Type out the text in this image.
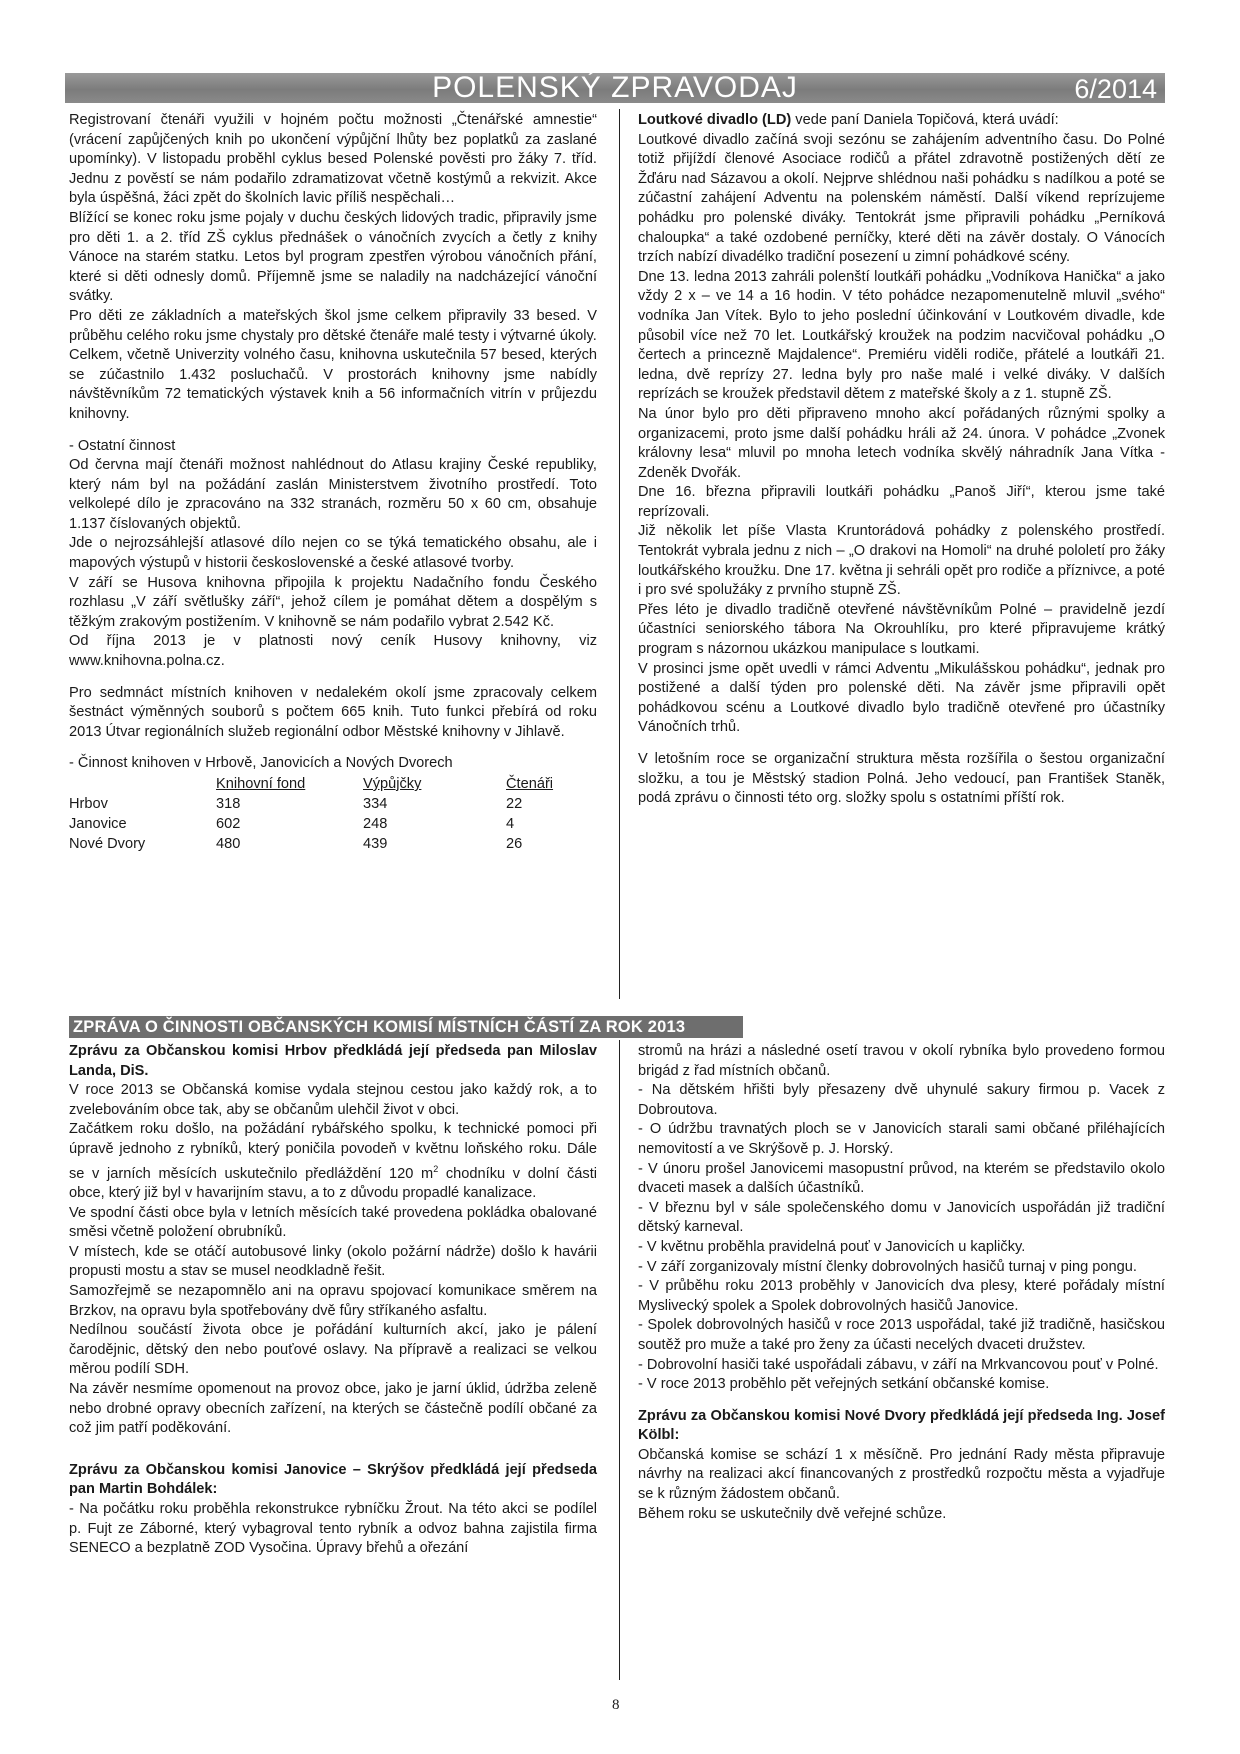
POLENSKÝ ZPRAVODAJ	6/2014

Registrovaní čtenáři využili v hojném počtu možnosti „Čtenářské amnestie“ (vrácení zapůjčených knih po ukončení výpůjční lhůty bez poplatků za zaslané upomínky). V listopadu proběhl cyklus besed Polenské pověsti pro žáky 7. tříd. Jednu z pověstí se nám podařilo zdramatizovat včetně kostýmů a rekvizit. Akce byla úspěšná, žáci zpět do školních lavic příliš nespěchali…

Blížící se konec roku jsme pojaly v duchu českých lidových tradic, připravily jsme pro děti 1. a 2. tříd ZŠ cyklus přednášek o vánočních zvycích a četly z knihy Vánoce na starém statku. Letos byl program zpestřen výrobou vánočních přání, které si děti odnesly domů. Příjemně jsme se naladily na nadcházející vánoční svátky.

Pro děti ze základních a mateřských škol jsme celkem připravily 33 besed. V průběhu celého roku jsme chystaly pro dětské čtenáře malé testy i výtvarné úkoly.

Celkem, včetně Univerzity volného času, knihovna uskutečnila 57 besed, kterých se zúčastnilo 1.432 posluchačů. V prostorách knihovny jsme nabídly návštěvníkům 72 tematických výstavek knih a 56 informačních vitrín v průjezdu knihovny.

- Ostatní činnost

Od června mají čtenáři možnost nahlédnout do Atlasu krajiny České republiky, který nám byl na požádání zaslán Ministerstvem životního prostředí. Toto velkolepé dílo je zpracováno na 332 stranách, rozměru 50 x 60 cm, obsahuje 1.137 číslovaných objektů.

Jde o nejrozsáhlejší atlasové dílo nejen co se týká tematického obsahu, ale i mapových výstupů v historii československé a české atlasové tvorby.

V září se Husova knihovna připojila k projektu Nadačního fondu Českého rozhlasu „V září světlušky září“, jehož cílem je pomáhat dětem a dospělým s těžkým zrakovým postižením. V knihovně se nám podařilo vybrat 2.542 Kč.

Od října 2013 je v platnosti nový ceník Husovy knihovny, viz www.knihovna.polna.cz.

Pro sedmnáct místních knihoven v nedalekém okolí jsme zpracovaly celkem šestnáct výměnných souborů s počtem 665 knih. Tuto funkci přebírá od roku 2013 Útvar regionálních služeb regionální odbor Městské knihovny v Jihlavě.

- Činnost knihoven v Hrbově, Janovicích a Nových Dvorech

	Knihovní fond	Výpůjčky	Čtenáři
Hrbov	318	334	22
Janovice	602	248	4
Nové Dvory	480	439	26

Loutkové divadlo (LD) vede paní Daniela Topičová, která uvádí:

Loutkové divadlo začíná svoji sezónu se zahájením adventního času. Do Polné totiž přijíždí členové Asociace rodičů a přátel zdravotně postižených dětí ze Žďáru nad Sázavou a okolí. Nejprve shlédnou naši pohádku s nadílkou a poté se zúčastní zahájení Adventu na polenském náměstí. Další víkend reprízujeme pohádku pro polenské diváky. Tentokrát jsme připravili pohádku „Perníková chaloupka“ a také ozdobené perníčky, které děti na závěr dostaly. O Vánocích trzích nabízí divadélko tradiční posezení u zimní pohádkové scény.

Dne 13. ledna 2013 zahráli polenští loutkáři pohádku „Vodníkova Hanička“ a jako vždy 2 x – ve 14 a 16 hodin. V této pohádce nezapomenutelně mluvil „svého“ vodníka Jan Vítek. Bylo to jeho poslední účinkování v Loutkovém divadle, kde působil více než 70 let. Loutkářský kroužek na podzim nacvičoval pohádku „O čertech a princezně Majdalence“. Premiéru viděli rodiče, přátelé a loutkáři 21. ledna, dvě reprízy 27. ledna byly pro naše malé i velké diváky. V dalších reprízách se kroužek představil dětem z mateřské školy a z 1. stupně ZŠ.

Na únor bylo pro děti připraveno mnoho akcí pořádaných různými spolky a organizacemi, proto jsme další pohádku hráli až 24. února. V pohádce „Zvonek královny lesa“ mluvil po mnoha letech vodníka skvělý náhradník Jana Vítka - Zdeněk Dvořák.

Dne 16. března připravili loutkáři pohádku „Panoš Jiří“, kterou jsme také reprízovali.

Již několik let píše Vlasta Kruntorádová pohádky z polenského prostředí. Tentokrát vybrala jednu z nich – „O drakovi na Homoli“ na druhé pololetí pro žáky loutkářského kroužku. Dne 17. května ji sehráli opět pro rodiče a příznivce, a poté i pro své spolužáky z prvního stupně ZŠ.

Přes léto je divadlo tradičně otevřené návštěvníkům Polné – pravidelně jezdí účastníci seniorského tábora Na Okrouhlíku, pro které připravujeme krátký program s názornou ukázkou manipulace s loutkami.

V prosinci jsme opět uvedli v rámci Adventu „Mikulášskou pohádku“, jednak pro postižené a další týden pro polenské děti. Na závěr jsme připravili opět pohádkovou scénu a Loutkové divadlo bylo tradičně otevřené pro účastníky Vánočních trhů.

V letošním roce se organizační struktura města rozšířila o šestou organizační složku, a tou je Městský stadion Polná. Jeho vedoucí, pan František Staněk, podá zprávu o činnosti této org. složky spolu s ostatními příští rok.

ZPRÁVA O ČINNOSTI OBČANSKÝCH KOMISÍ MÍSTNÍCH ČÁSTÍ ZA ROK 2013

Zprávu za Občanskou komisi Hrbov předkládá její předseda pan Miloslav Landa, DiS.

V roce 2013 se Občanská komise vydala stejnou cestou jako každý rok, a to zvelebováním obce tak, aby se občanům ulehčil život v obci.

Začátkem roku došlo, na požádání rybářského spolku, k technické pomoci při úpravě jednoho z rybníků, který poničila povodeň v květnu loňského roku. Dále se v jarních měsících uskutečnilo předláždění 120 $m^2$ chodníku v dolní části obce, který již byl v havarijním stavu, a to z důvodu propadlé kanalizace.

Ve spodní části obce byla v letních měsících také provedena pokládka obalované směsi včetně položení obrubníků.

V místech, kde se otáčí autobusové linky (okolo požární nádrže) došlo k havárii propusti mostu a stav se musel neodkladně řešit.

Samozřejmě se nezapomnělo ani na opravu spojovací komunikace směrem na Brzkov, na opravu byla spotřebovány dvě fůry stříkaného asfaltu.

Nedílnou součástí života obce je pořádání kulturních akcí, jako je pálení čarodějnic, dětský den nebo pouťové oslavy. Na přípravě a realizaci se velkou měrou podílí SDH.

Na závěr nesmíme opomenout na provoz obce, jako je jarní úklid, údržba zeleně nebo drobné opravy obecních zařízení, na kterých se částečně podílí občané za což jim patří poděkování.

Zprávu za Občanskou komisi Janovice – Skrýšov předkládá její předseda pan Martin Bohdálek:

- Na počátku roku proběhla rekonstrukce rybníčku Žrout. Na této akci se podílel p. Fujt ze Záborné, který vybagroval tento rybník a odvoz bahna zajistila firma SENECO a bezplatně ZOD Vysočina. Úpravy břehů a ořezání

stromů na hrázi a následné osetí travou v okolí rybníka bylo provedeno formou brigád z řad místních občanů.

- Na dětském hřišti byly přesazeny dvě uhynulé sakury firmou p. Vacek z Dobroutova.

- O údržbu travnatých ploch se v Janovicích starali sami občané přiléhajících nemovitostí a ve Skrýšově p. J. Horský.

- V únoru prošel Janovicemi masopustní průvod, na kterém se představilo okolo dvaceti masek a dalších účastníků.

- V březnu byl v sále společenského domu v Janovicích uspořádán již tradiční dětský karneval.

- V květnu proběhla pravidelná pouť v Janovicích u kapličky.

- V září zorganizovaly místní členky dobrovolných hasičů turnaj v ping pongu.

- V průběhu roku 2013 proběhly v Janovicích dva plesy, které pořádaly místní Myslivecký spolek a Spolek dobrovolných hasičů Janovice.

- Spolek dobrovolných hasičů v roce 2013 uspořádal, také již tradičně, hasičskou soutěž pro muže a také pro ženy za účasti necelých dvaceti družstev.

- Dobrovolní hasiči také uspořádali zábavu, v září na Mrkvancovou pouť v Polné.

- V roce 2013 proběhlo pět veřejných setkání občanské komise.

Zprávu za Občanskou komisi Nové Dvory předkládá její předseda Ing. Josef Kölbl:

Občanská komise se schází 1 x měsíčně. Pro jednání Rady města připravuje návrhy na realizaci akcí financovaných z prostředků rozpočtu města a vyjadřuje se k různým žádostem občanů.

Během roku se uskutečnily dvě veřejné schůze.

8
